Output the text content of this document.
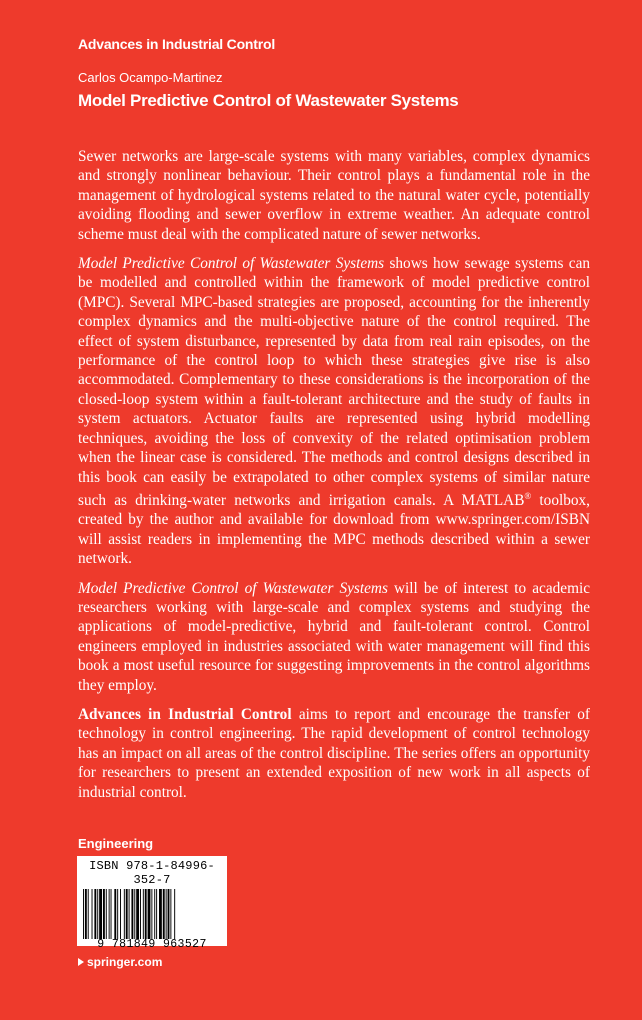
Advances in Industrial Control
Carlos Ocampo-Martinez
Model Predictive Control of Wastewater Systems

Sewer networks are large-scale systems with many variables, complex dynamics and strongly nonlinear behaviour. Their control plays a fundamental role in the management of hydrological systems related to the natural water cycle, potentially avoiding flooding and sewer overflow in extreme weather. An adequate control scheme must deal with the complicated nature of sewer networks.

Model Predictive Control of Wastewater Systems shows how sewage systems can be modelled and controlled within the framework of model predictive control (MPC). Several MPC-based strategies are proposed, accounting for the inherently complex dynamics and the multi-objective nature of the control required. The effect of system disturbance, represented by data from real rain episodes, on the performance of the control loop to which these strategies give rise is also accommodated. Complementary to these considerations is the incorporation of the closed-loop system within a fault-tolerant architecture and the study of faults in system actuators. Actuator faults are represented using hybrid modelling techniques, avoiding the loss of convexity of the related optimisation problem when the linear case is considered. The methods and control designs described in this book can easily be extrapolated to other complex systems of similar nature such as drinking-water networks and irrigation canals. A MATLAB® toolbox, created by the author and available for download from www.springer.com/ISBN will assist readers in implementing the MPC methods described within a sewer network.

Model Predictive Control of Wastewater Systems will be of interest to academic researchers working with large-scale and complex systems and studying the applications of model-predictive, hybrid and fault-tolerant control. Control engineers employed in industries associated with water management will find this book a most useful resource for suggesting improvements in the control algorithms they employ.

Advances in Industrial Control aims to report and encourage the transfer of technology in control engineering. The rapid development of control technology has an impact on all areas of the control discipline. The series offers an opportunity for researchers to present an extended exposition of new work in all aspects of industrial control.

Engineering
ISBN 978-1-84996-352-7
9 781849 963527
springer.com
